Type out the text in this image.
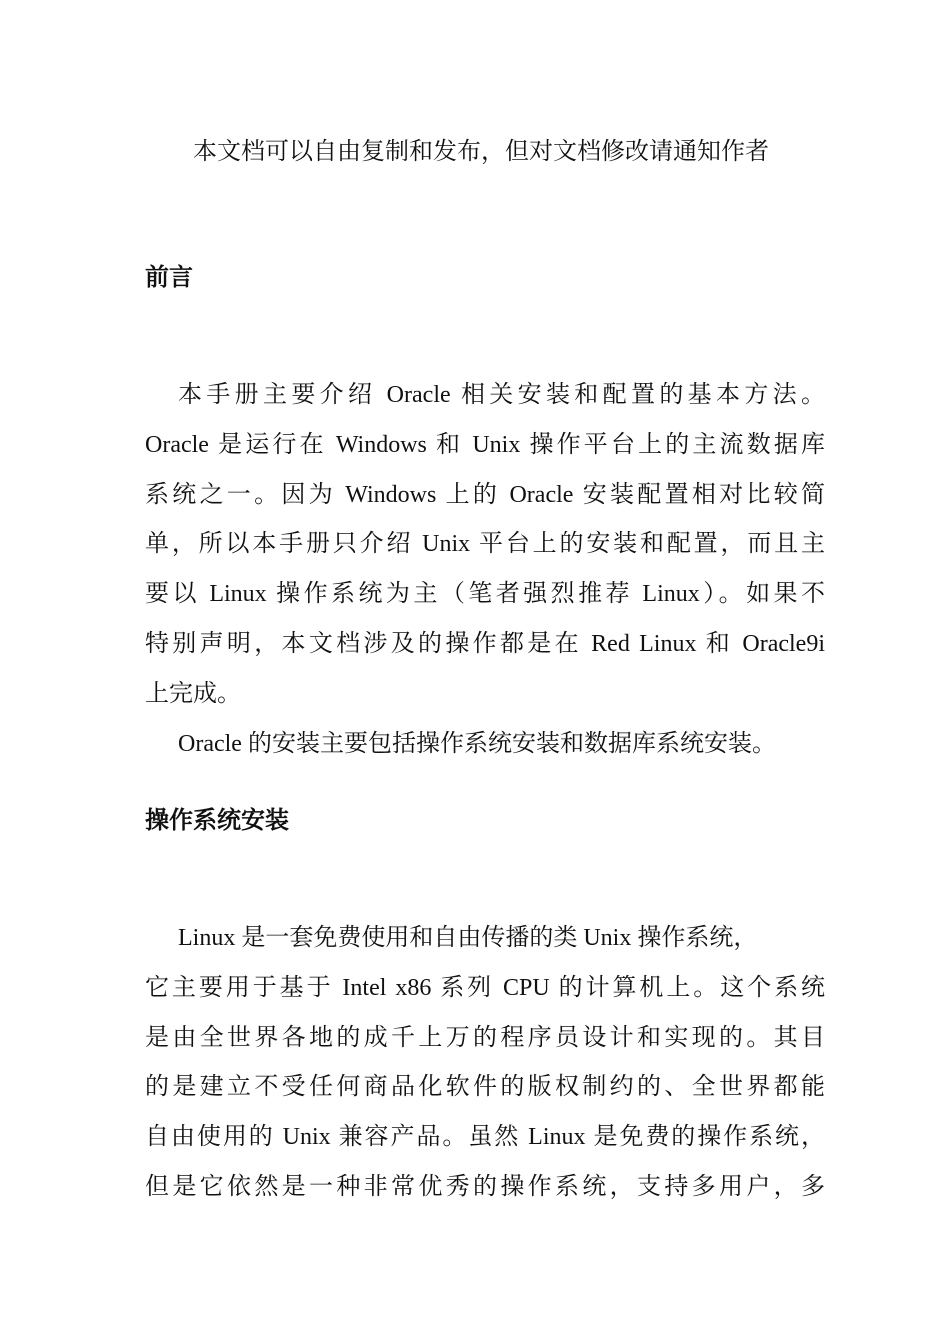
本文档可以自由复制和发布，但对文档修改请通知作者
前言
本手册主要介绍 Oracle 相关安装和配置的基本方法。
Oracle 是运行在 Windows 和 Unix 操作平台上的主流数据库
系统之一。因为 Windows 上的 Oracle 安装配置相对比较简
单，所以本手册只介绍 Unix 平台上的安装和配置，而且主
要以 Linux 操作系统为主（笔者强烈推荐 Linux）。如果不
特别声明，本文档涉及的操作都是在 Red Linux 和 Oracle9i
上完成。
Oracle 的安装主要包括操作系统安装和数据库系统安装。
操作系统安装
Linux 是一套免费使用和自由传播的类 Unix 操作系统，
它主要用于基于 Intel x86 系列 CPU 的计算机上。这个系统
是由全世界各地的成千上万的程序员设计和实现的。其目
的是建立不受任何商品化软件的版权制约的、全世界都能
自由使用的 Unix 兼容产品。虽然 Linux 是免费的操作系统，
但是它依然是一种非常优秀的操作系统，支持多用户，多
